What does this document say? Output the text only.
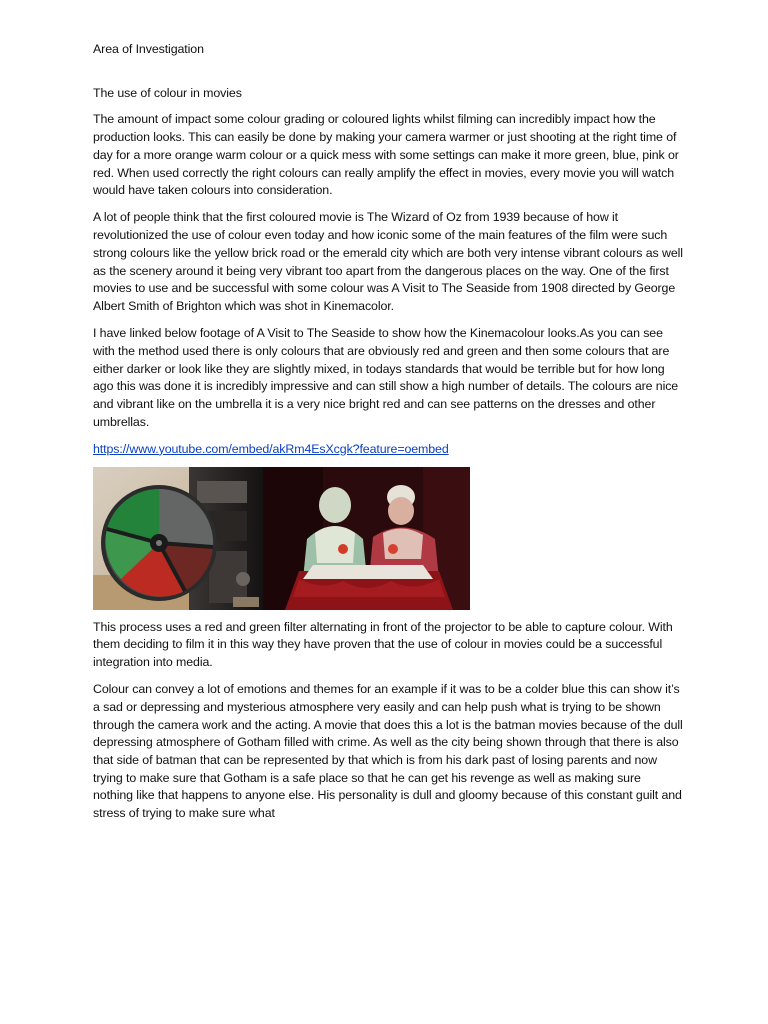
Area of Investigation

The use of colour in movies

The amount of impact some colour grading or coloured lights whilst filming can incredibly impact how the production looks. This can easily be done by making your camera warmer or just shooting at the right time of day for a more orange warm colour or a quick mess with some settings can make it more green, blue, pink or red. When used correctly the right colours can really amplify the effect in movies, every movie you will watch would have taken colours into consideration.

A lot of people think that the first coloured movie is The Wizard of Oz from 1939 because of how it revolutionized the use of colour even today and how iconic some of the main features of the film were such strong colours like the yellow brick road or the emerald city which are both very intense vibrant colours as well as the scenery around it being very vibrant too apart from the dangerous places on the way. One of the first movies to use and be successful with some colour was A Visit to The Seaside from 1908 directed by George Albert Smith of Brighton which was shot in Kinemacolor.

I have linked below footage of A Visit to The Seaside to show how the Kinemacolour looks.As you can see with the method used there is only colours that are obviously red and green and then some colours that are either darker or look like they are slightly mixed, in todays standards that would be terrible but for how long ago this was done it is incredibly impressive and can still show a high number of details. The colours are nice and vibrant like on the umbrella it is a very nice bright red and can see patterns on the dresses and other umbrellas.

https://www.youtube.com/embed/akRm4EsXcgk?feature=oembed

This process uses a red and green filter alternating in front of the projector to be able to capture colour. With them deciding to film it in this way they have proven that the use of colour in movies could be a successful integration into media.

Colour can convey a lot of emotions and themes for an example if it was to be a colder blue this can show it’s a sad or depressing and mysterious atmosphere very easily and can help push what is trying to be shown through the camera work and the acting. A movie that does this a lot is the batman movies because of the dull depressing atmosphere of Gotham filled with crime. As well as the city being shown through that there is also that side of batman that can be represented by that which is from his dark past of losing parents and now trying to make sure that Gotham is a safe place so that he can get his revenge as well as making sure nothing like that happens to anyone else. His personality is dull and gloomy because of this constant guilt and stress of trying to make sure what
